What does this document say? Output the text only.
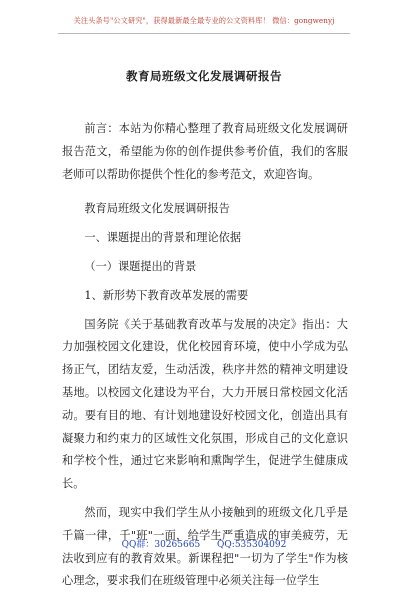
关注头条号"公文研究"，获得最新最全最专业的公文资料库！ 微信：gongwenyj
教育局班级文化发展调研报告

前言：本站为你精心整理了教育局班级文化发展调研报告范文，希望能为你的创作提供参考价值，我们的客服老师可以帮助你提供个性化的参考范文，欢迎咨询。

教育局班级文化发展调研报告

一、课题提出的背景和理论依据

（一）课题提出的背景

1、新形势下教育改革发展的需要

国务院《关于基础教育改革与发展的决定》指出：大力加强校园文化建设，优化校园育环境，使中小学成为弘扬正气，团结友爱，生动活泼，秩序井然的精神文明建设基地。以校园文化建设为平台，大力开展日常校园文化活动。要有目的地、有计划地建设好校园文化，创造出具有凝聚力和约束力的区域性文化氛围，形成自己的文化意识和学校个性，通过它来影响和熏陶学生，促进学生健康成长。

然而，现实中我们学生从小接触到的班级文化几乎是千篇一律，千"班"一面，给学生严重造成的审美疲劳，无法收到应有的教育效果。新课程把"一切为了学生"作为核心理念，要求我们在班级管理中必须关注每一位学生

QQ群：30265665 QQ:535304092
